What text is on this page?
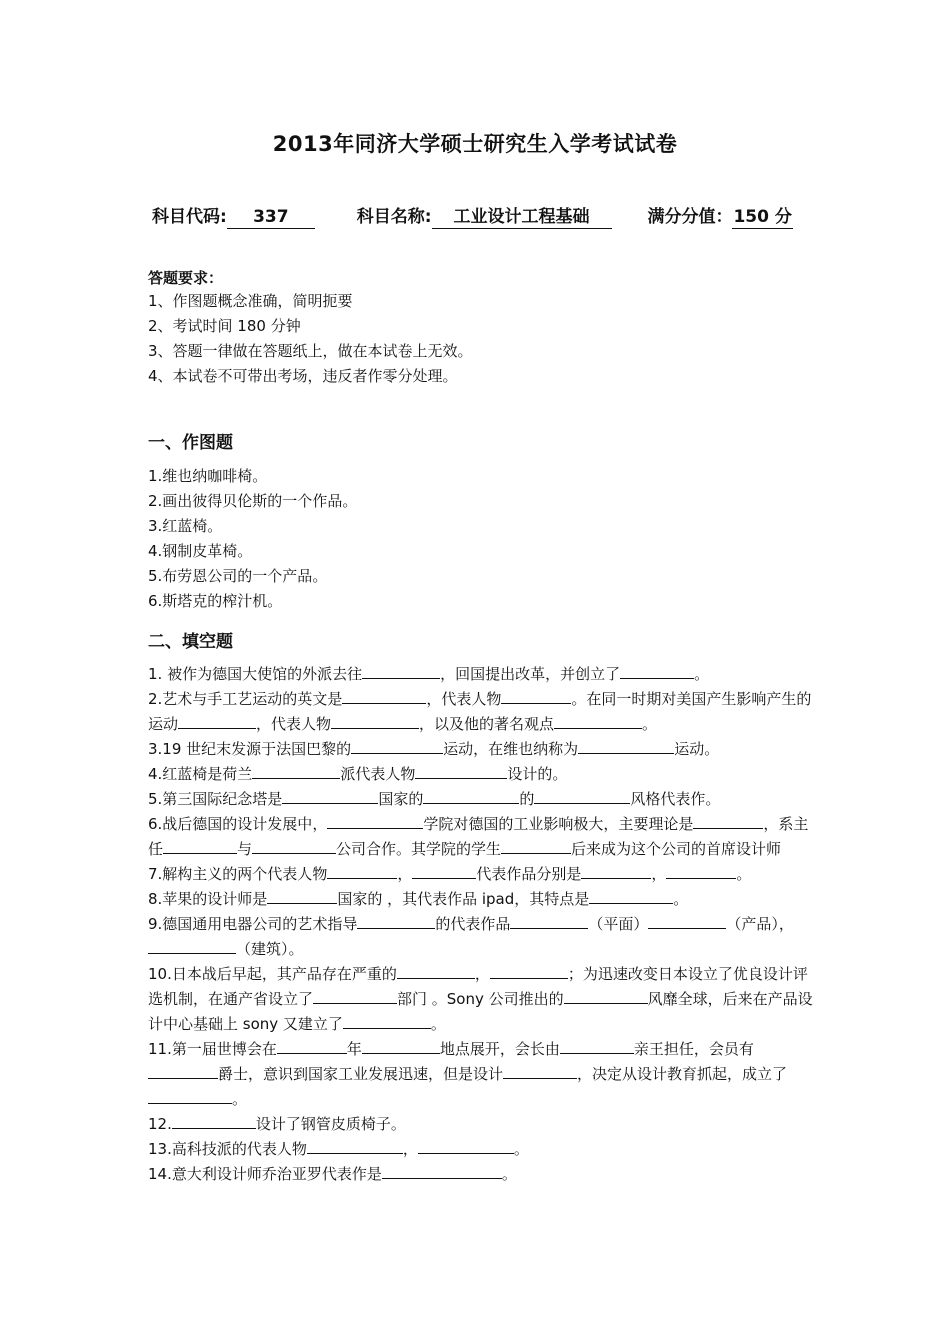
2013年同济大学硕士研究生入学考试试卷
科目代码: 337	科目名称: 工业设计工程基础	满分分值：150 分
答题要求：
1、作图题概念准确，简明扼要
2、考试时间 180 分钟
3、答题一律做在答题纸上，做在本试卷上无效。
4、本试卷不可带出考场，违反者作零分处理。
一、作图题
1.维也纳咖啡椅。
2.画出彼得贝伦斯的一个作品。
3.红蓝椅。
4.钢制皮革椅。
5.布劳恩公司的一个产品。
6.斯塔克的榨汁机。
二、填空题

1. 被作为德国大使馆的外派去往	，回国提出改革，并创立了	。

2.艺术与手工艺运动的英文是	，代表人物	。在同一时期对美国产生影响产生的运动	，代表人物	，以及他的著名观点	。

3.19 世纪末发源于法国巴黎的	运动，在维也纳称为	运动。

4.红蓝椅是荷兰	派代表人物	设计的。

5.第三国际纪念塔是	国家的	的	风格代表作。

6.战后德国的设计发展中，	学院对德国的工业影响极大，主要理论是	，系主任	与	公司合作。其学院的学生	后来成为这个公司的首席设计师

7.解构主义的两个代表人物	，	代表作品分别是	，	。

8.苹果的设计师是	国家的 ，其代表作品 ipad，其特点是	。

9.德国通用电器公司的艺术指导	的代表作品	（平面）	（产品），（建筑）。

10.日本战后早起，其产品存在严重的	，	；为迅速改变日本设立了优良设计评选机制，在通产省设立了	部门 。Sony 公司推出的	风靡全球，后来在产品设计中心基础上 sony 又建立了	。

11.第一届世博会在	年	地点展开，会长由	亲王担任，会员有爵士，意识到国家工业发展迅速，但是设计	，决定从设计教育抓起，成立了。

12.	设计了钢管皮质椅子。

13.高科技派的代表人物	，	。

14.意大利设计师乔治亚罗代表作是	。
